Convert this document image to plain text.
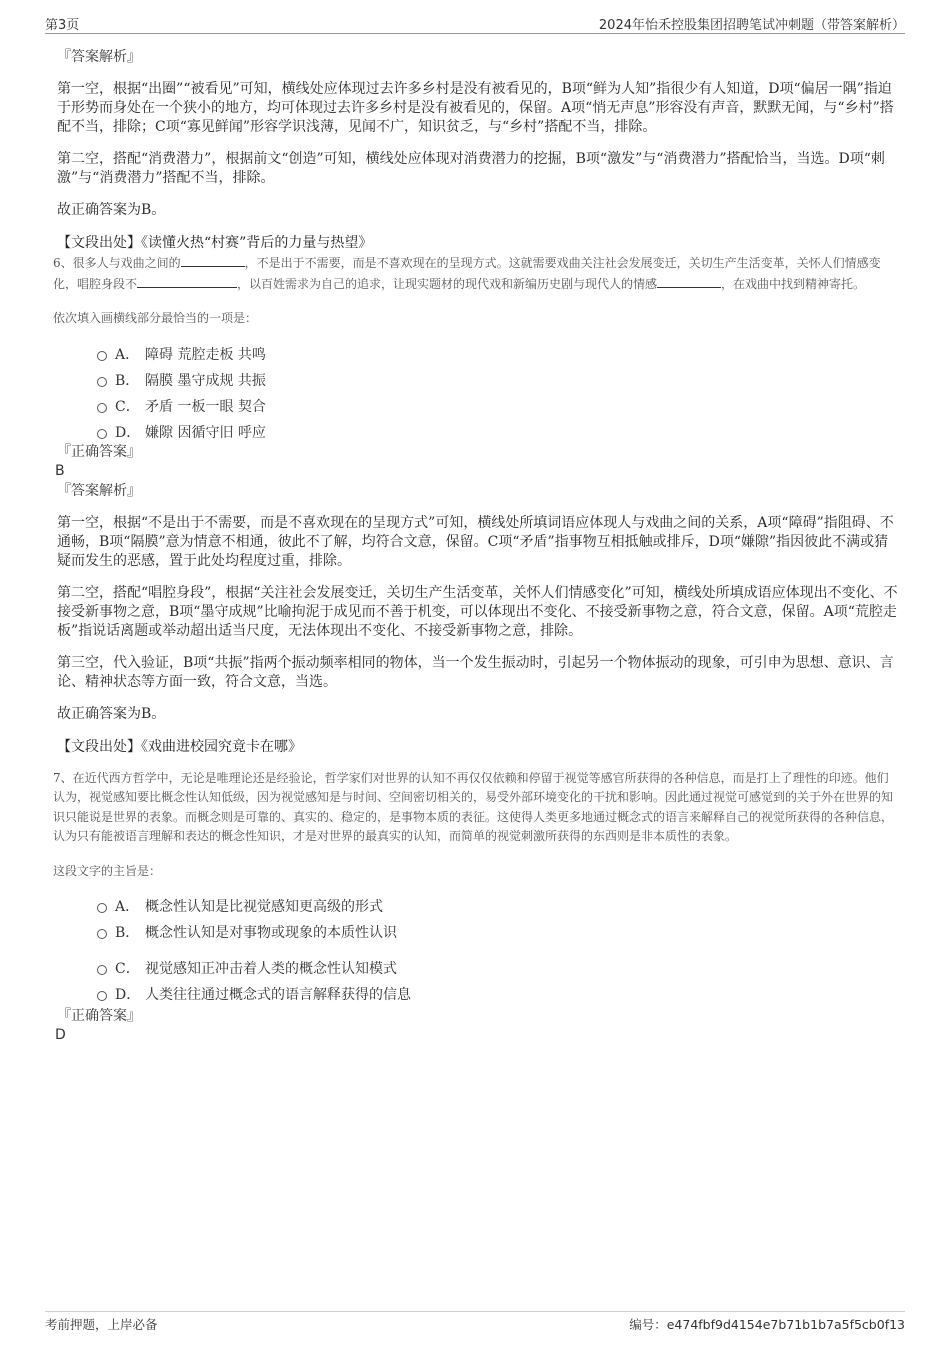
第3页	2024年怡禾控股集团招聘笔试冲刺题（带答案解析）
『答案解析』

第一空，根据“出圈”“被看见”可知，横线处应体现过去许多乡村是没有被看见的，B项“鲜为人知”指很少有人知道，D项“偏居一隅”指迫于形势而身处在一个狭小的地方，均可体现过去许多乡村是没有被看见的，保留。A项“悄无声息”形容没有声音，默默无闻，与“乡村”搭配不当，排除；C项“寡见鲜闻”形容学识浅薄，见闻不广，知识贫乏，与“乡村”搭配不当，排除。

第二空，搭配“消费潜力”，根据前文“创造”可知，横线处应体现对消费潜力的挖掘，B项“激发”与“消费潜力”搭配恰当，当选。D项“刺激”与“消费潜力”搭配不当，排除。

故正确答案为B。

【文段出处】《读懂火热“村赛”背后的力量与热望》

6、很多人与戏曲之间的	，不是出于不需要，而是不喜欢现在的呈现方式。这就需要戏曲关注社会发展变迁，关切生产生活变革，关怀人们情感变化，唱腔身段不	，以百姓需求为自己的追求，让现实题材的现代戏和新编历史剧与现代人的情感	，在戏曲中找到精神寄托。

依次填入画横线部分最恰当的一项是：

A． 障碍 荒腔走板 共鸣
B． 隔膜 墨守成规 共振
C． 矛盾 一板一眼 契合
D． 嫌隙 因循守旧 呼应
『正确答案』
B
『答案解析』

第一空，根据“不是出于不需要，而是不喜欢现在的呈现方式”可知，横线处所填词语应体现人与戏曲之间的关系，A项“障碍”指阻碍、不通畅，B项“隔膜”意为情意不相通，彼此不了解，均符合文意，保留。C项“矛盾”指事物互相抵触或排斥，D项“嫌隙”指因彼此不满或猜疑而发生的恶感，置于此处均程度过重，排除。

第二空，搭配“唱腔身段”，根据“关注社会发展变迁，关切生产生活变革，关怀人们情感变化”可知，横线处所填成语应体现出不变化、不接受新事物之意，B项“墨守成规”比喻拘泥于成见而不善于机变，可以体现出不变化、不接受新事物之意，符合文意，保留。A项“荒腔走板”指说话离题或举动超出适当尺度，无法体现出不变化、不接受新事物之意，排除。

第三空，代入验证，B项“共振”指两个振动频率相同的物体，当一个发生振动时，引起另一个物体振动的现象，可引申为思想、意识、言论、精神状态等方面一致，符合文意，当选。

故正确答案为B。

【文段出处】《戏曲进校园究竟卡在哪》

7、在近代西方哲学中，无论是唯理论还是经验论，哲学家们对世界的认知不再仅仅依赖和停留于视觉等感官所获得的各种信息，而是打上了理性的印迹。他们认为，视觉感知要比概念性认知低级，因为视觉感知是与时间、空间密切相关的，易受外部环境变化的干扰和影响。因此通过视觉可感觉到的关于外在世界的知识只能说是世界的表象。而概念则是可靠的、真实的、稳定的，是事物本质的表征。这使得人类更多地通过概念式的语言来解释自己的视觉所获得的各种信息，认为只有能被语言理解和表达的概念性知识，才是对世界的最真实的认知，而简单的视觉刺激所获得的东西则是非本质性的表象。

这段文字的主旨是：

A． 概念性认知是比视觉感知更高级的形式
B． 概念性认知是对事物或现象的本质性认识
C． 视觉感知正冲击着人类的概念性认知模式
D． 人类往往通过概念式的语言解释获得的信息
『正确答案』
D
考前押题，上岸必备	编号：e474fbf9d4154e7b71b1b7a5f5cb0f13
